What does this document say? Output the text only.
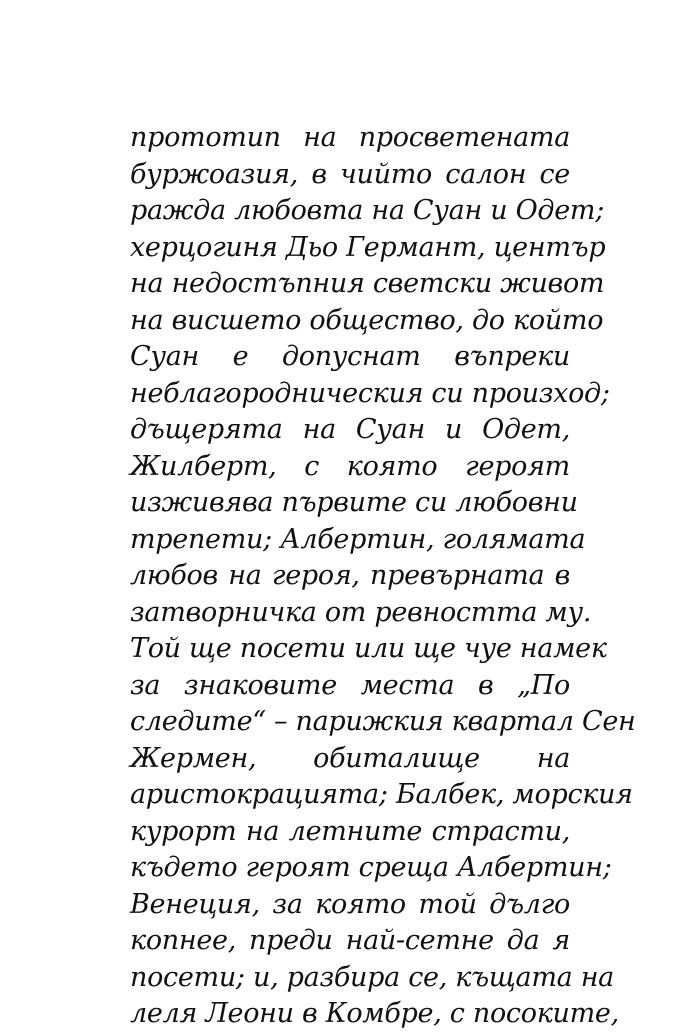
прототип на просветената
буржоазия, в чийто салон се
ражда любовта на Суан и Одет;
херцогиня Дьо Германт, център
на недостъпния светски живот
на висшето общество, до който
Суан е допуснат въпреки
неблагородническия си произход;
дъщерята на Суан и Одет,
Жилберт, с която героят
изживява първите си любовни
трепети; Албертин, голямата
любов на героя, превърната в
затворничка от ревността му.
Той ще посети или ще чуе намек
за знаковите места в „По
следите“ – парижкия квартал Сен
Жермен, обиталище на
аристокрацията; Балбек, морския
курорт на летните страсти,
където героят среща Албертин;
Венеция, за която той дълго
копнее, преди най-сетне да я
посети; и, разбира се, къщата на
леля Леони в Комбре, с посоките,
